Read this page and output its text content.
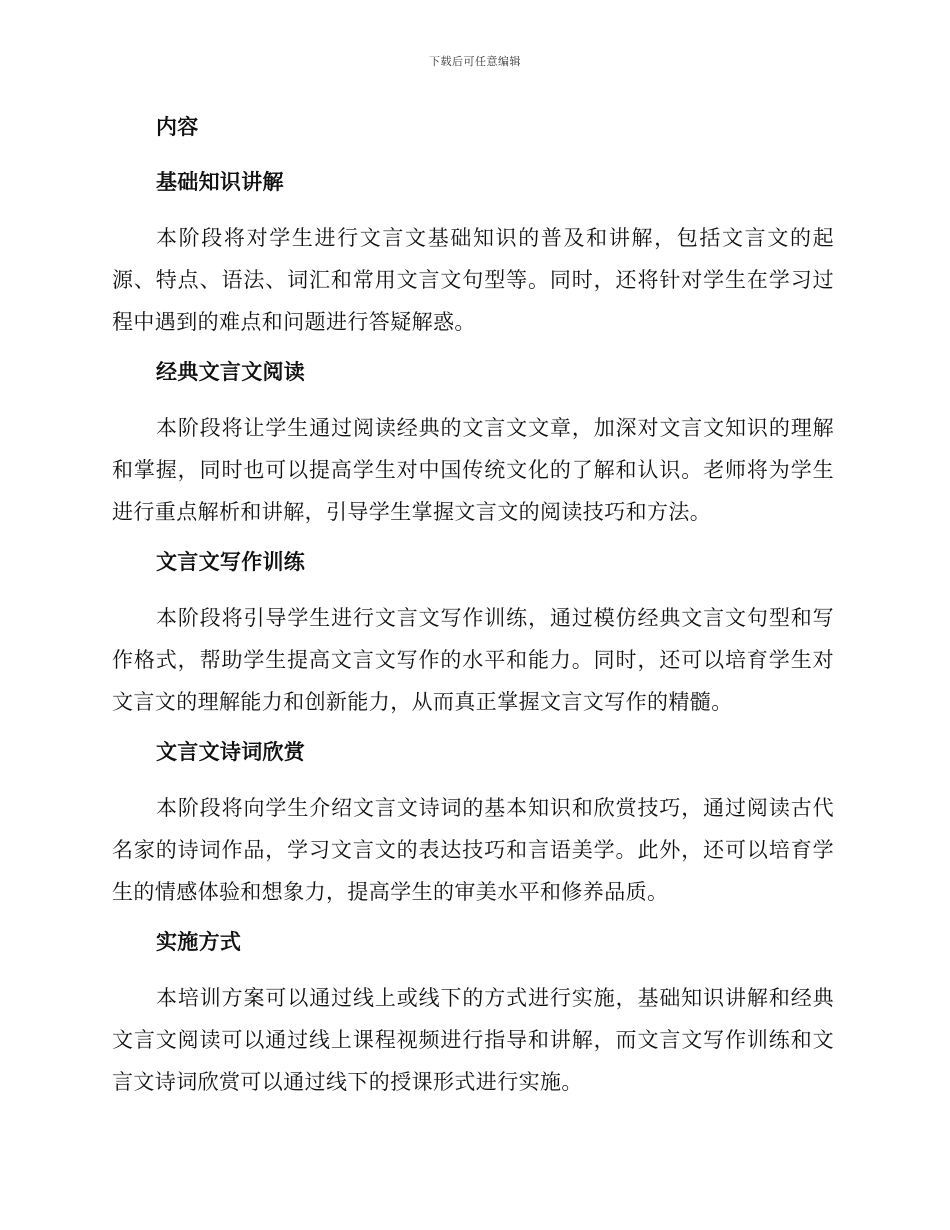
下载后可任意编辑
内容
基础知识讲解

本阶段将对学生进行文言文基础知识的普及和讲解，包括文言文的起源、特点、语法、词汇和常用文言文句型等。同时，还将针对学生在学习过程中遇到的难点和问题进行答疑解惑。

经典文言文阅读

本阶段将让学生通过阅读经典的文言文文章，加深对文言文知识的理解和掌握，同时也可以提高学生对中国传统文化的了解和认识。老师将为学生进行重点解析和讲解，引导学生掌握文言文的阅读技巧和方法。

文言文写作训练

本阶段将引导学生进行文言文写作训练，通过模仿经典文言文句型和写作格式，帮助学生提高文言文写作的水平和能力。同时，还可以培育学生对文言文的理解能力和创新能力，从而真正掌握文言文写作的精髓。

文言文诗词欣赏

本阶段将向学生介绍文言文诗词的基本知识和欣赏技巧，通过阅读古代名家的诗词作品，学习文言文的表达技巧和言语美学。此外，还可以培育学生的情感体验和想象力，提高学生的审美水平和修养品质。

实施方式

本培训方案可以通过线上或线下的方式进行实施，基础知识讲解和经典文言文阅读可以通过线上课程视频进行指导和讲解，而文言文写作训练和文言文诗词欣赏可以通过线下的授课形式进行实施。
